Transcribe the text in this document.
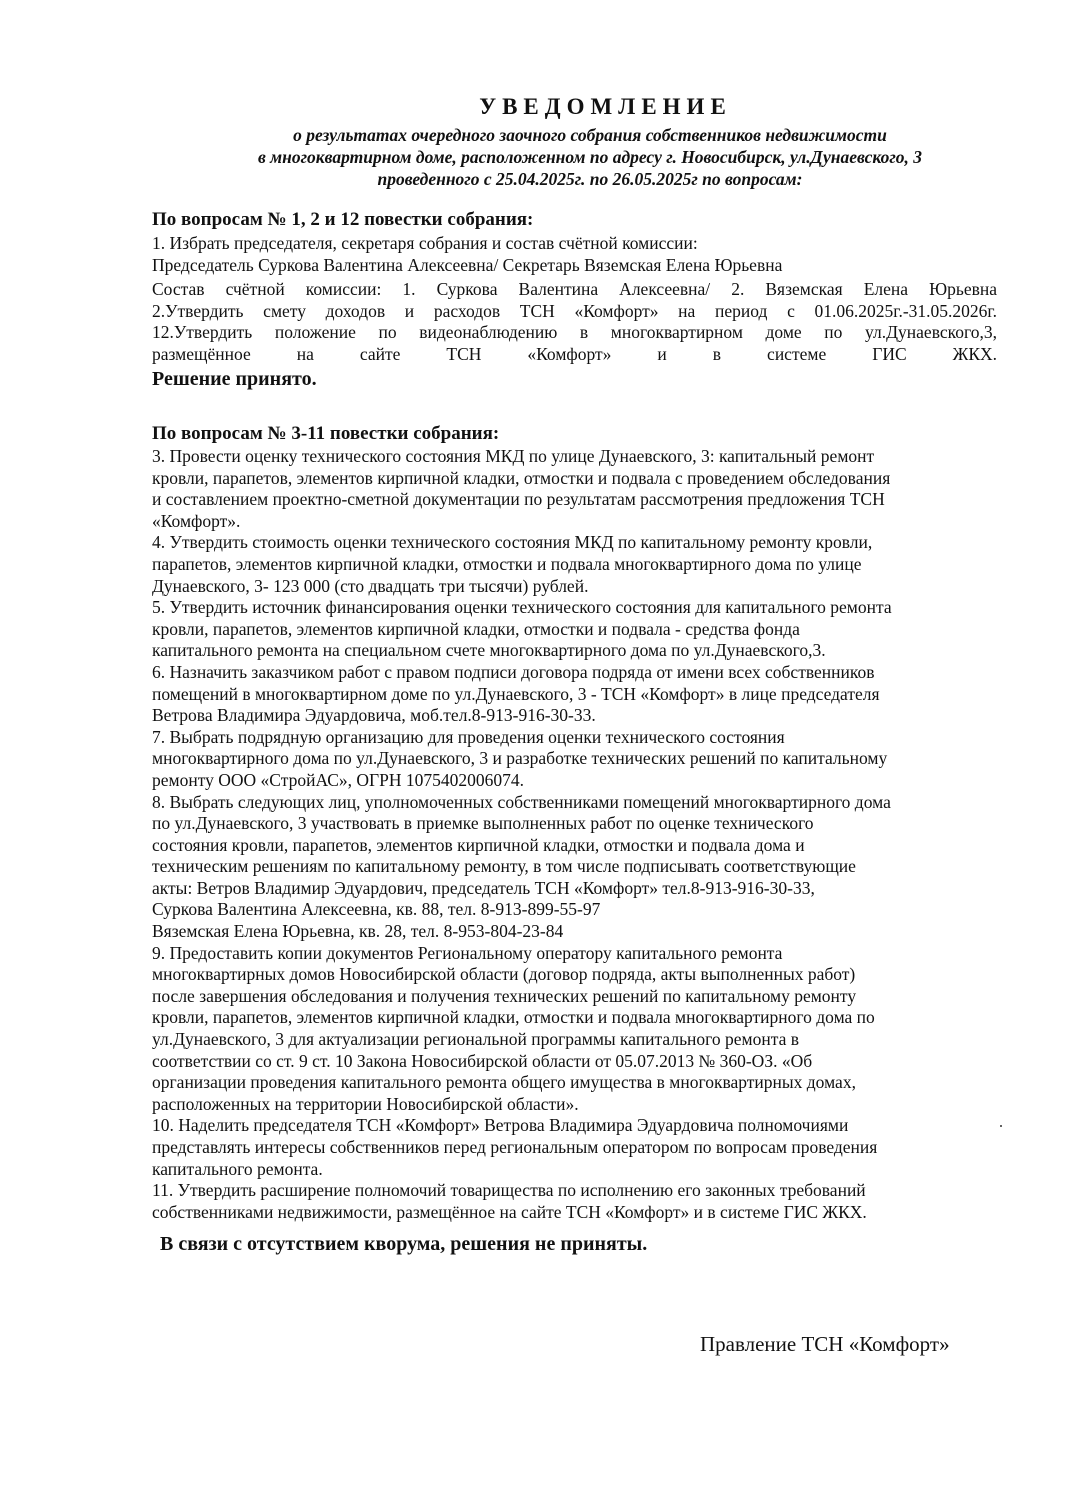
УВЕДОМЛЕНИЕ
о результатах очередного заочного собрания собственников недвижимости
в многоквартирном доме, расположенном по адресу г. Новосибирск, ул.Дунаевского, 3
проведенного с 25.04.2025г. по 26.05.2025г по вопросам:
По вопросам № 1, 2 и 12 повестки собрания:
1. Избрать председателя, секретаря собрания и состав счётной комиссии:
Председатель Суркова Валентина Алексеевна/ Секретарь Вяземская Елена Юрьевна
Состав счётной комиссии: 1. Суркова Валентина Алексеевна/ 2. Вяземская Елена Юрьевна
2.Утвердить смету доходов и расходов ТСН «Комфорт» на период с 01.06.2025г.-31.05.2026г.
12.Утвердить положение по видеонаблюдению в многоквартирном доме по ул.Дунаевского,3,
размещённое на сайте ТСН «Комфорт» и в системе ГИС ЖКХ.
Решение принято.
По вопросам № 3-11 повестки собрания:
3. Провести оценку технического состояния МКД по улице Дунаевского, 3: капитальный ремонт
кровли, парапетов, элементов кирпичной кладки, отмостки и подвала с проведением обследования
и составлением проектно-сметной документации по результатам рассмотрения предложения ТСН
«Комфорт».
4. Утвердить стоимость оценки технического состояния МКД по капитальному ремонту кровли,
парапетов, элементов кирпичной кладки, отмостки и подвала многоквартирного дома по улице
Дунаевского, 3- 123 000 (сто двадцать три тысячи) рублей.
5. Утвердить источник финансирования оценки технического состояния для капитального ремонта
кровли, парапетов, элементов кирпичной кладки, отмостки и подвала - средства фонда
капитального ремонта на специальном счете многоквартирного дома по ул.Дунаевского,3.
6. Назначить заказчиком работ с правом подписи договора подряда от имени всех собственников
помещений в многоквартирном доме по ул.Дунаевского, 3 - ТСН «Комфорт» в лице председателя
Ветрова Владимира Эдуардовича, моб.тел.8-913-916-30-33.
7. Выбрать подрядную организацию для проведения оценки технического состояния
многоквартирного дома по ул.Дунаевского, 3 и разработке технических решений по капитальному
ремонту ООО «СтройАС», ОГРН 1075402006074.
8. Выбрать следующих лиц, уполномоченных собственниками помещений многоквартирного дома
по ул.Дунаевского, 3 участвовать в приемке выполненных работ по оценке технического
состояния кровли, парапетов, элементов кирпичной кладки, отмостки и подвала дома и
техническим решениям по капитальному ремонту, в том числе подписывать соответствующие
акты: Ветров Владимир Эдуардович, председатель ТСН «Комфорт» тел.8-913-916-30-33,
Суркова Валентина Алексеевна, кв. 88, тел. 8-913-899-55-97
Вяземская Елена Юрьевна, кв. 28, тел. 8-953-804-23-84
9. Предоставить копии документов Региональному оператору капитального ремонта
многоквартирных домов Новосибирской области (договор подряда, акты выполненных работ)
после завершения обследования и получения технических решений по капитальному ремонту
кровли, парапетов, элементов кирпичной кладки, отмостки и подвала многоквартирного дома по
ул.Дунаевского, 3 для актуализации региональной программы капитального ремонта в
соответствии со ст. 9 ст. 10 Закона Новосибирской области от 05.07.2013 № 360-ОЗ. «Об
организации проведения капитального ремонта общего имущества в многоквартирных домах,
расположенных на территории Новосибирской области».
10. Наделить председателя ТСН «Комфорт» Ветрова Владимира Эдуардовича полномочиями
представлять интересы собственников перед региональным оператором по вопросам проведения
капитального ремонта.
11. Утвердить расширение полномочий товарищества по исполнению его законных требований
собственниками недвижимости, размещённое на сайте ТСН «Комфорт» и в системе ГИС ЖКХ.
В связи с отсутствием кворума, решения не приняты.
Правление ТСН «Комфорт»
